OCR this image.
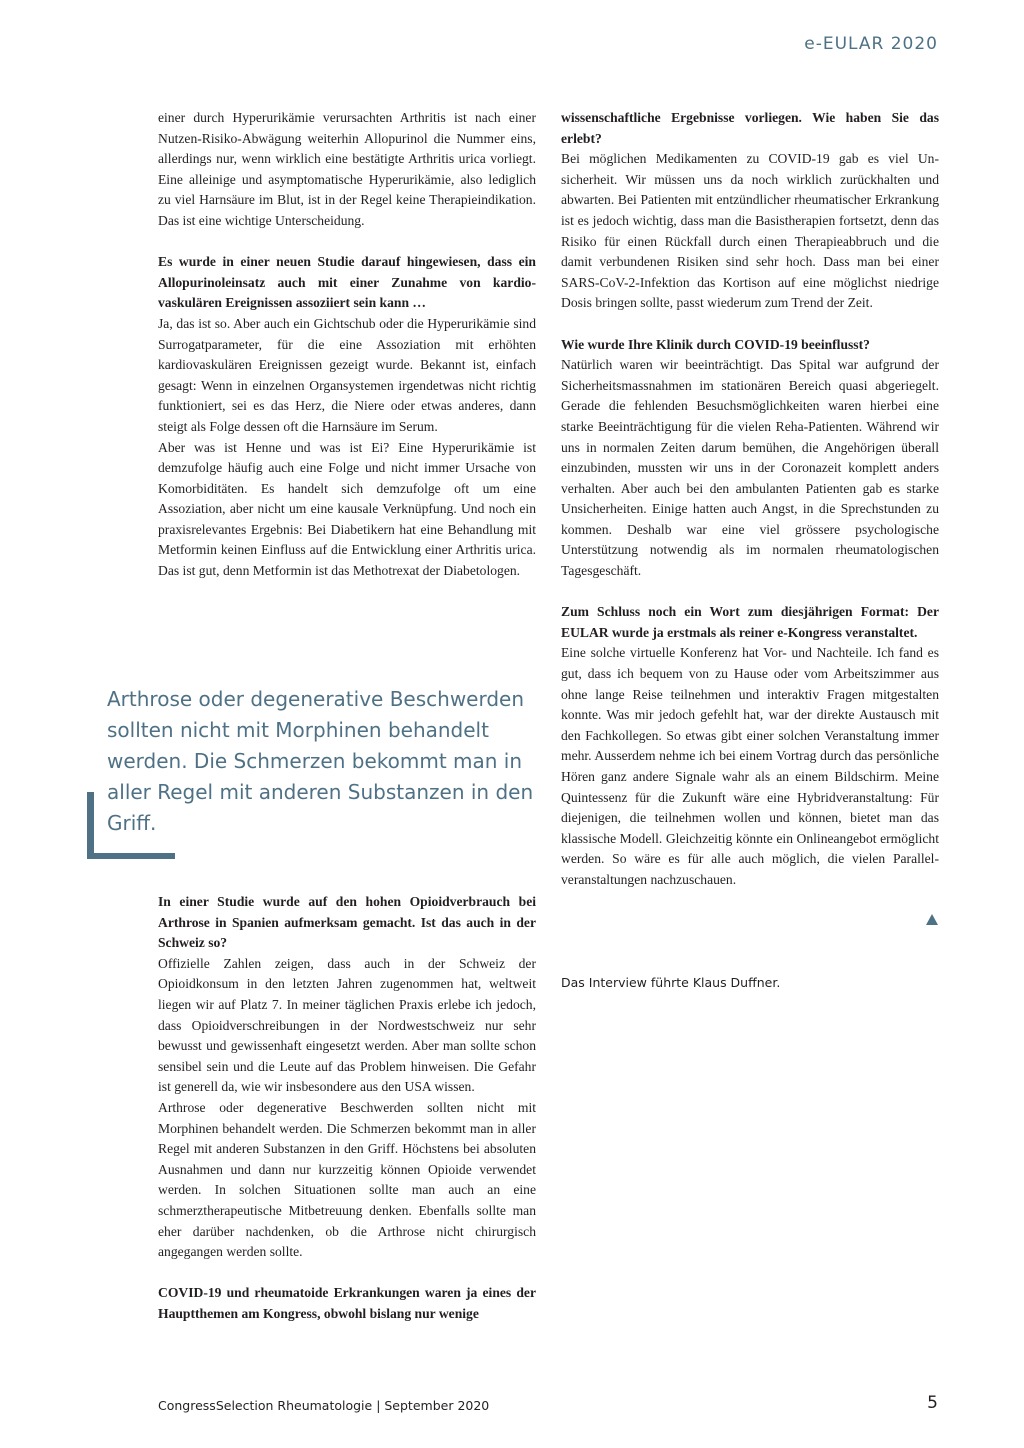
e-EULAR 2020

einer durch Hyperurikämie verursachten Arthritis ist nach einer Nutzen-Risiko-Abwägung weiterhin Allopurinol die Nummer eins, allerdings nur, wenn wirklich eine bestätigte Arthritis urica vorliegt. Eine alleinige und asymptomatische Hyperurikämie, also lediglich zu viel Harnsäure im Blut, ist in der Regel keine Therapieindikation. Das ist eine wichtige Unterscheidung.

Es wurde in einer neuen Studie darauf hingewiesen, dass ein Allopurinoleinsatz auch mit einer Zunahme von kardiovaskulären Ereignissen assoziiert sein kann …

Ja, das ist so. Aber auch ein Gichtschub oder die Hyperurikämie sind Surrogatparameter, für die eine Assoziation mit erhöhten kardiovaskulären Ereignissen gezeigt wurde. Bekannt ist, einfach gesagt: Wenn in einzelnen Organsystemen irgendetwas nicht richtig funktioniert, sei es das Herz, die Niere oder etwas anderes, dann steigt als Folge dessen oft die Harnsäure im Serum.

Aber was ist Henne und was ist Ei? Eine Hyperurikämie ist demzufolge häufig auch eine Folge und nicht immer Ursache von Komorbiditäten. Es handelt sich demzufolge oft um eine Assoziation, aber nicht um eine kausale Verknüpfung. Und noch ein praxisrelevantes Ergebnis: Bei Diabetikern hat eine Behandlung mit Metformin keinen Einfluss auf die Entwicklung einer Arthritis urica. Das ist gut, denn Metformin ist das Methotrexat der Diabetologen.

Arthrose oder degenerative Beschwerden sollten nicht mit Morphinen behandelt werden. Die Schmerzen bekommt man in aller Regel mit anderen Substanzen in den Griff.

In einer Studie wurde auf den hohen Opioidverbrauch bei Arthrose in Spanien aufmerksam gemacht. Ist das auch in der Schweiz so?

Offizielle Zahlen zeigen, dass auch in der Schweiz der Opioidkonsum in den letzten Jahren zugenommen hat, weltweit liegen wir auf Platz 7. In meiner täglichen Praxis erlebe ich jedoch, dass Opioidverschreibungen in der Nordwestschweiz nur sehr bewusst und gewissenhaft eingesetzt werden. Aber man sollte schon sensibel sein und die Leute auf das Problem hinweisen. Die Gefahr ist generell da, wie wir insbesondere aus den USA wissen.

Arthrose oder degenerative Beschwerden sollten nicht mit Morphinen behandelt werden. Die Schmerzen bekommt man in aller Regel mit anderen Substanzen in den Griff. Höchstens bei absoluten Ausnahmen und dann nur kurzzeitig können Opioide verwendet werden. In solchen Situationen sollte man auch an eine schmerztherapeutische Mitbetreuung denken. Ebenfalls sollte man eher darüber nachdenken, ob die Arthrose nicht chirurgisch angegangen werden sollte.

COVID-19 und rheumatoide Erkrankungen waren ja eines der Hauptthemen am Kongress, obwohl bislang nur wenige

wissenschaftliche Ergebnisse vorliegen. Wie haben Sie das erlebt?

Bei möglichen Medikamenten zu COVID-19 gab es viel Unsicherheit. Wir müssen uns da noch wirklich zurückhalten und abwarten. Bei Patienten mit entzündlicher rheumatischer Erkrankung ist es jedoch wichtig, dass man die Basistherapien fortsetzt, denn das Risiko für einen Rückfall durch einen Therapieabbruch und die damit verbundenen Risiken sind sehr hoch. Dass man bei einer SARS-CoV-2-Infektion das Kortison auf eine möglichst niedrige Dosis bringen sollte, passt wiederum zum Trend der Zeit.

Wie wurde Ihre Klinik durch COVID-19 beeinflusst?

Natürlich waren wir beeinträchtigt. Das Spital war aufgrund der Sicherheitsmassnahmen im stationären Bereich quasi abgeriegelt. Gerade die fehlenden Besuchsmöglichkeiten waren hierbei eine starke Beeinträchtigung für die vielen Reha-Patienten. Während wir uns in normalen Zeiten darum bemühen, die Angehörigen überall einzubinden, mussten wir uns in der Coronazeit komplett anders verhalten. Aber auch bei den ambulanten Patienten gab es starke Unsicherheiten. Einige hatten auch Angst, in die Sprechstunden zu kommen. Deshalb war eine viel grössere psychologische Unterstützung notwendig als im normalen rheumatologischen Tagesgeschäft.

Zum Schluss noch ein Wort zum diesjährigen Format: Der EULAR wurde ja erstmals als reiner e-Kongress veranstaltet.

Eine solche virtuelle Konferenz hat Vor- und Nachteile. Ich fand es gut, dass ich bequem von zu Hause oder vom Arbeitszimmer aus ohne lange Reise teilnehmen und interaktiv Fragen mitgestalten konnte. Was mir jedoch gefehlt hat, war der direkte Austausch mit den Fachkollegen. So etwas gibt einer solchen Veranstaltung immer mehr. Ausserdem nehme ich bei einem Vortrag durch das persönliche Hören ganz andere Signale wahr als an einem Bildschirm. Meine Quintessenz für die Zukunft wäre eine Hybridveranstaltung: Für diejenigen, die teilnehmen wollen und können, bietet man das klassische Modell. Gleichzeitig könnte ein Onlineangebot ermöglicht werden. So wäre es für alle auch möglich, die vielen Parallelveranstaltungen nachzuschauen.

Das Interview führte Klaus Duffner.
CongressSelection Rheumatologie | September 2020	5
